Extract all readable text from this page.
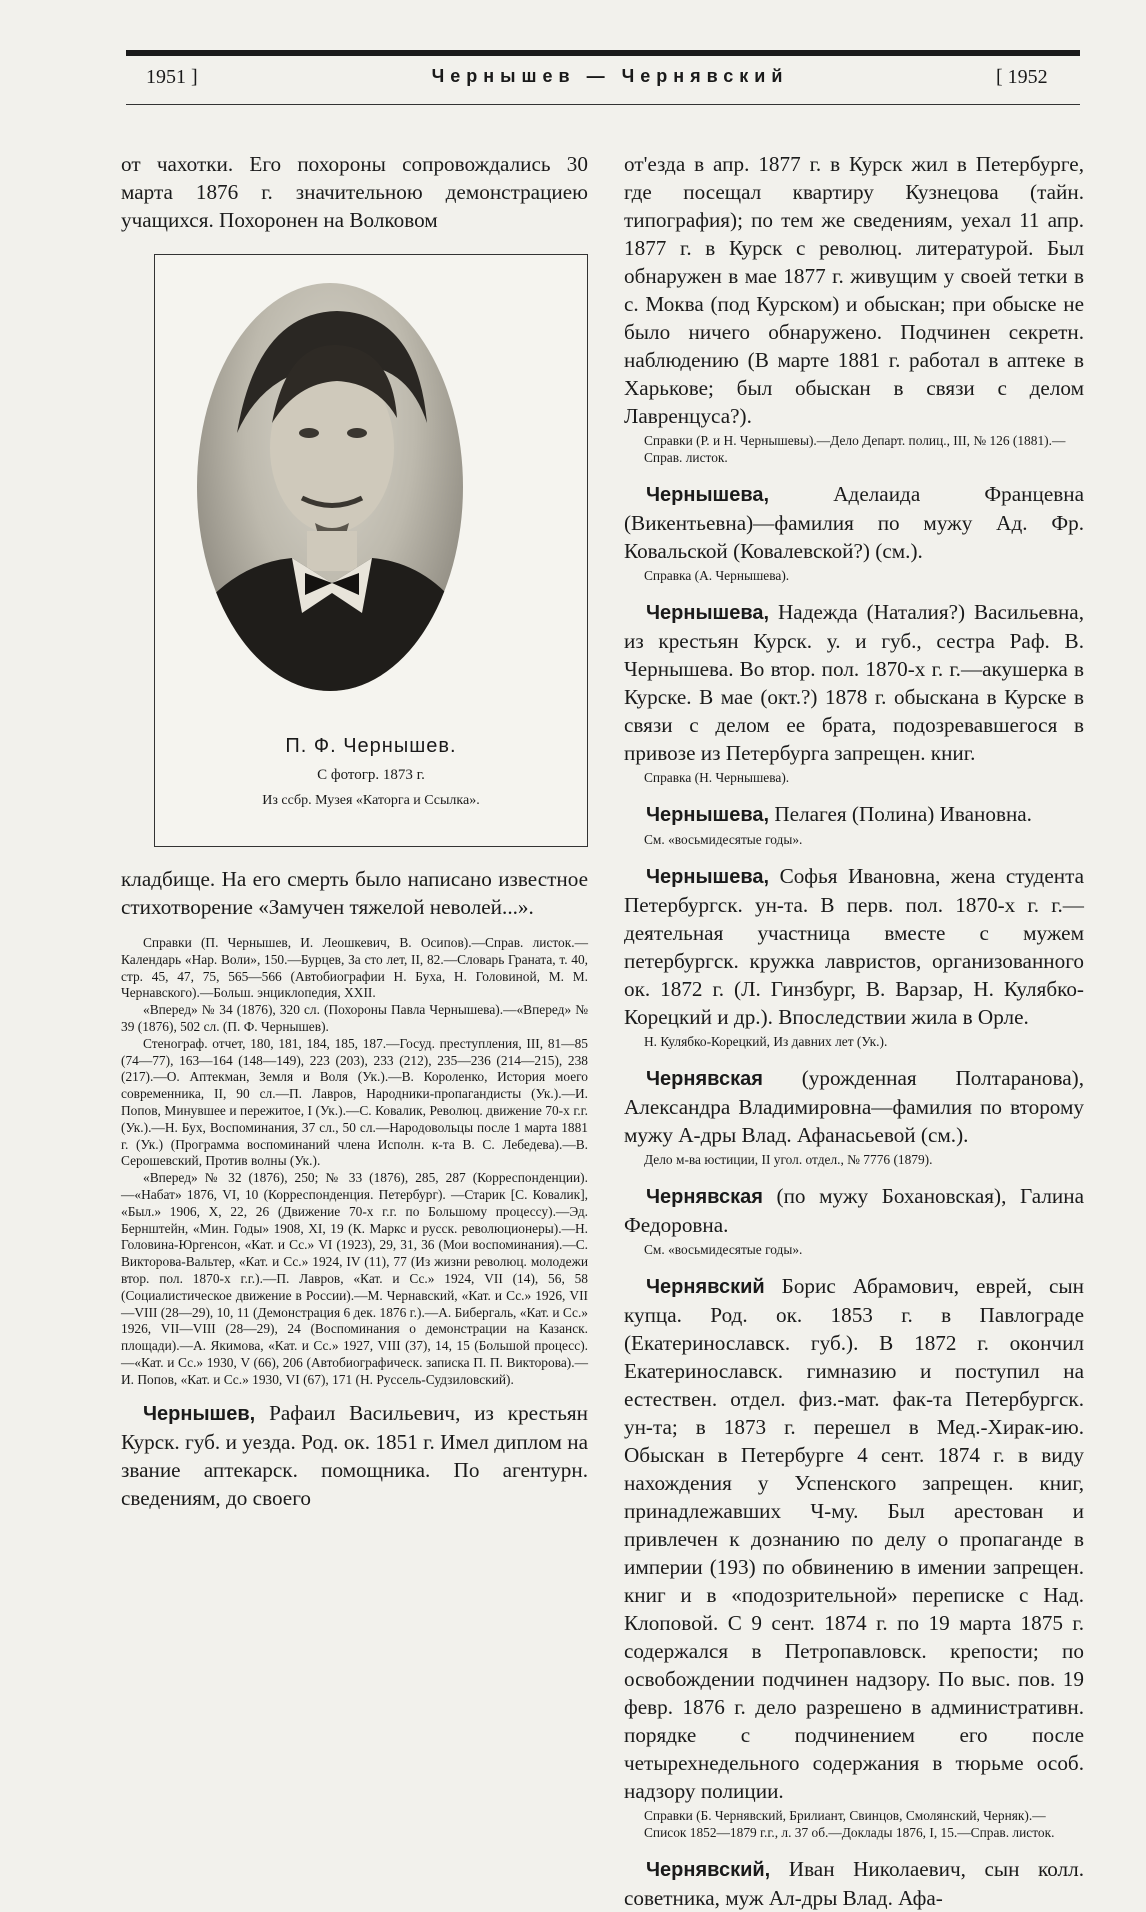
1951 ]	Чернышев — Чернявский	[ 1952

от чахотки. Его похороны сопровождались 30 марта 1876 г. значительною демонстрациею учащихся. Похоронен на Волковом

П. Ф. Чернышев.
С фотогр. 1873 г.
Из ссбр. Музея «Каторга и Ссылка».

кладбище. На его смерть было написано известное стихотворение «Замучен тяжелой неволей...».

Справки (П. Чернышев, И. Леошкевич, В. Осипов).—Справ. листок.—Календарь «Нар. Воли», 150.—Бурцев, За сто лет, II, 82.—Словарь Граната, т. 40, стр. 45, 47, 75, 565—566 (Автобиографии Н. Буха, Н. Головиной, М. М. Чернавского).—Больш. энциклопедия, XXII.

«Вперед» № 34 (1876), 320 сл. (Похороны Павла Чернышева).—«Вперед» № 39 (1876), 502 сл. (П. Ф. Чернышев).

Стенограф. отчет, 180, 181, 184, 185, 187.—Госуд. преступления, III, 81—85 (74—77), 163—164 (148—149), 223 (203), 233 (212), 235—236 (214—215), 238 (217).—О. Аптекман, Земля и Воля (Ук.).—В. Короленко, История моего современника, II, 90 сл.—П. Лавров, Народники-пропагандисты (Ук.).—И. Попов, Минувшее и пережитое, I (Ук.).—С. Ковалик, Революц. движение 70-х г.г. (Ук.).—Н. Бух, Воспоминания, 37 сл., 50 сл.—Народовольцы после 1 марта 1881 г. (Ук.) (Программа воспоминаний члена Исполн. к-та В. С. Лебедева).—В. Серошевский, Против волны (Ук.).

«Вперед» № 32 (1876), 250; № 33 (1876), 285, 287 (Корреспонденции).—«Набат» 1876, VI, 10 (Корреспонденция. Петербург). —Старик [С. Ковалик], «Был.» 1906, X, 22, 26 (Движение 70-х г.г. по Большому процессу).—Эд. Бернштейн, «Мин. Годы» 1908, XI, 19 (К. Маркс и русск. революционеры).—Н. Головина-Юргенсон, «Кат. и Сс.» VI (1923), 29, 31, 36 (Мои воспоминания).—С. Викторова-Вальтер, «Кат. и Сс.» 1924, IV (11), 77 (Из жизни революц. молодежи втор. пол. 1870-х г.г.).—П. Лавров, «Кат. и Сс.» 1924, VII (14), 56, 58 (Социалистическое движение в России).—М. Чернавский, «Кат. и Сс.» 1926, VII—VIII (28—29), 10, 11 (Демонстрация 6 дек. 1876 г.).—А. Бибергаль, «Кат. и Сс.» 1926, VII—VIII (28—29), 24 (Воспоминания о демонстрации на Казанск. площади).—А. Якимова, «Кат. и Сс.» 1927, VIII (37), 14, 15 (Большой процесс).—«Кат. и Сс.» 1930, V (66), 206 (Автобиографическ. записка П. П. Викторова).—И. Попов, «Кат. и Сс.» 1930, VI (67), 171 (Н. Руссель-Судзиловский).

Чернышев, Рафаил Васильевич, из крестьян Курск. губ. и уезда. Род. ок. 1851 г. Имел диплом на звание аптекарск. помощника. По агентурн. сведениям, до своего

от'езда в апр. 1877 г. в Курск жил в Петербурге, где посещал квартиру Кузнецова (тайн. типография); по тем же сведениям, уехал 11 апр. 1877 г. в Курск с революц. литературой. Был обнаружен в мае 1877 г. живущим у своей тетки в с. Моква (под Курском) и обыскан; при обыске не было ничего обнаружено. Подчинен секретн. наблюдению (В марте 1881 г. работал в аптеке в Харькове; был обыскан в связи с делом Лавренцуса?).

Справки (Р. и Н. Чернышевы).—Дело Департ. полиц., III, № 126 (1881).—Справ. листок.

Чернышева,	Аделаида Францевна (Викентьевна)—фамилия по мужу Ад. Фр. Ковальской (Ковалевской?) (см.).

Справка (А. Чернышева).

Чернышева, Надежда (Наталия?) Васильевна, из крестьян Курск. у. и губ., сестра Раф. В. Чернышева. Во втор. пол. 1870-х г. г.—акушерка в Курске. В мае (окт.?) 1878 г. обыскана в Курске в связи с делом ее брата, подозревавшегося в привозе из Петербурга запрещен. книг.

Справка (Н. Чернышева).

Чернышева, Пелагея (Полина) Ивановна.

См. «восьмидесятые годы».

Чернышева, Софья Ивановна, жена студента Петербургск. ун-та. В перв. пол. 1870-х г. г.—деятельная участница вместе с мужем петербургск. кружка лавристов, организованного ок. 1872 г. (Л. Гинзбург, В. Варзар, Н. Кулябко-Корецкий и др.). Впоследствии жила в Орле.

Н. Кулябко-Корецкий, Из давних лет (Ук.).

Чернявская (урожденная Полтаранова), Александра Владимировна—фамилия по второму мужу А-дры Влад. Афанасьевой (см.).

Дело м-ва юстиции, II угол. отдел., № 7776 (1879).

Чернявская (по мужу Бохановская), Галина Федоровна.

См. «восьмидесятые годы».

Чернявский Борис Абрамович, еврей, сын купца. Род. ок. 1853 г. в Павлограде (Екатеринославск. губ.). В 1872 г. окончил Екатеринославск. гимназию и поступил на естествен. отдел. физ.-мат. фак-та Петербургск. ун-та; в 1873 г. перешел в Мед.-Хирак-ию. Обыскан в Петербурге 4 сент. 1874 г. в виду нахождения у Успенского запрещен. книг, принадлежавших Ч-му. Был арестован и привлечен к дознанию по делу о пропаганде в империи (193) по обвинению в имении запрещен. книг и в «подозрительной» переписке с Над. Клоповой. С 9 сент. 1874 г. по 19 марта 1875 г. содержался в Петропавловск. крепости; по освобождении подчинен надзору. По выс. пов. 19 февр. 1876 г. дело разрешено в административн. порядке с подчинением его после четырехнедельного содержания в тюрьме особ. надзору полиции.

Справки (Б. Чернявский, Брилиант, Свинцов, Смолянский, Черняк).—Список 1852—1879 г.г., л. 37 об.—Доклады 1876, I, 15.—Справ. листок.

Чернявский, Иван Николаевич, сын колл. советника, муж Ал-дры Влад. Афа-
